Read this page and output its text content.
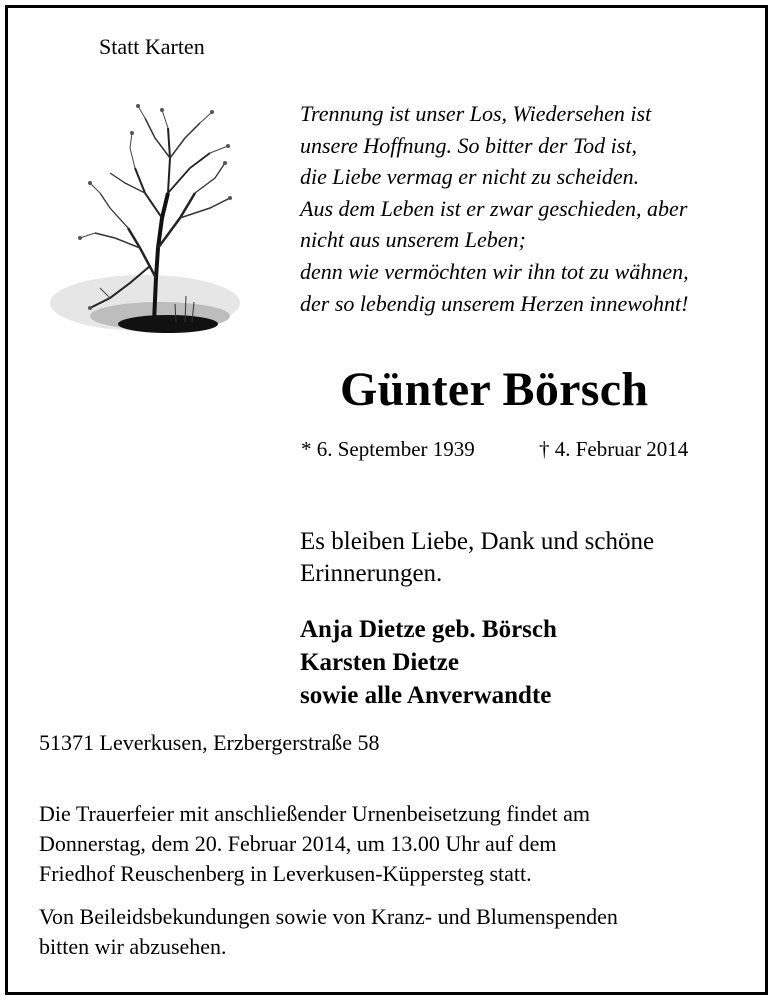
Statt Karten
Trennung ist unser Los, Wiedersehen ist
unsere Hoffnung. So bitter der Tod ist,
die Liebe vermag er nicht zu scheiden.
Aus dem Leben ist er zwar geschieden, aber
nicht aus unserem Leben;
denn wie vermöchten wir ihn tot zu wähnen,
der so lebendig unserem Herzen innewohnt!
Günter Börsch
* 6. September 1939	† 4. Februar 2014
Es bleiben Liebe, Dank und schöne
Erinnerungen.
Anja Dietze geb. Börsch
Karsten Dietze
sowie alle Anverwandte
51371 Leverkusen, Erzbergerstraße 58
Die Trauerfeier mit anschließender Urnenbeisetzung findet am
Donnerstag, dem 20. Februar 2014, um 13.00 Uhr auf dem
Friedhof Reuschenberg in Leverkusen-Küppersteg statt.
Von Beileidsbekundungen sowie von Kranz- und Blumenspenden
bitten wir abzusehen.
